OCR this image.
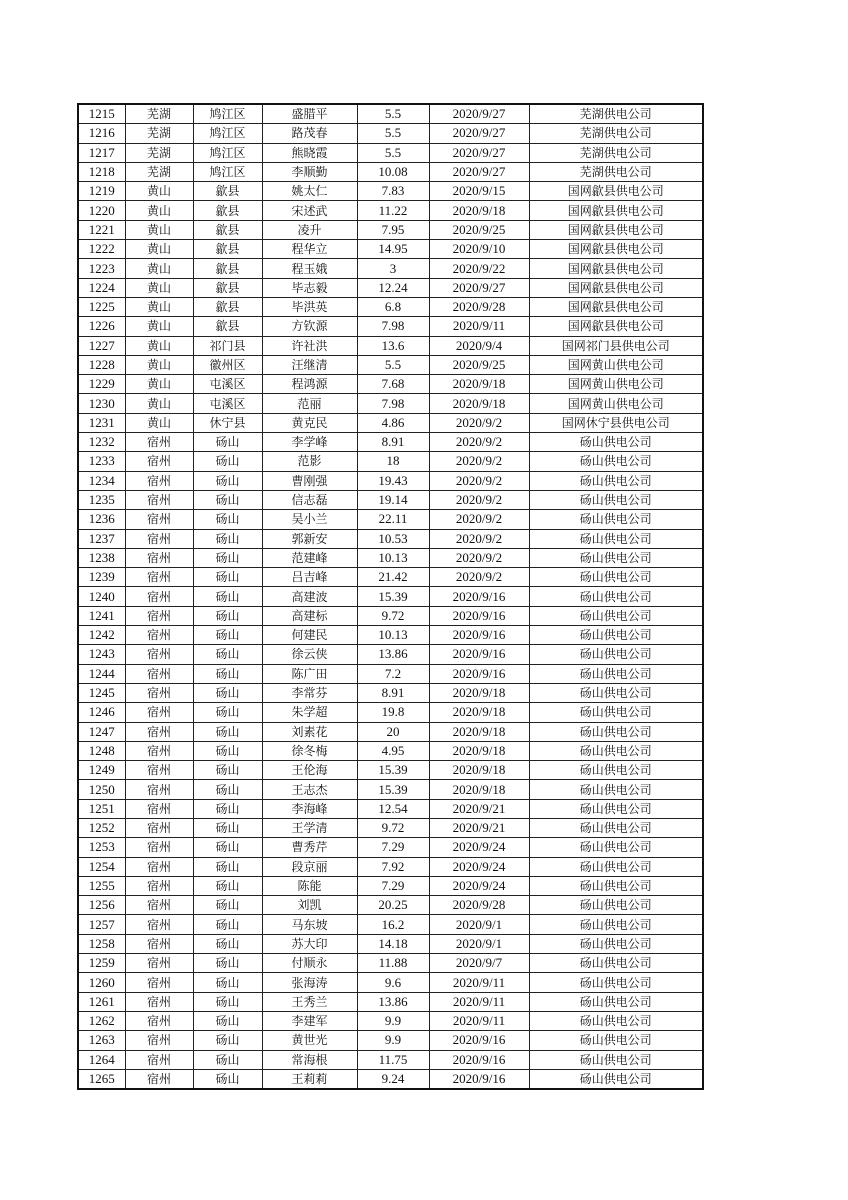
1215	芜湖	鸠江区	盛腊平	5.5	2020/9/27	芜湖供电公司
1216	芜湖	鸠江区	路茂春	5.5	2020/9/27	芜湖供电公司
1217	芜湖	鸠江区	熊晓霞	5.5	2020/9/27	芜湖供电公司
1218	芜湖	鸠江区	李顺勤	10.08	2020/9/27	芜湖供电公司
1219	黄山	歙县	姚太仁	7.83	2020/9/15	国网歙县供电公司
1220	黄山	歙县	宋述武	11.22	2020/9/18	国网歙县供电公司
1221	黄山	歙县	凌升	7.95	2020/9/25	国网歙县供电公司
1222	黄山	歙县	程华立	14.95	2020/9/10	国网歙县供电公司
1223	黄山	歙县	程玉娥	3	2020/9/22	国网歙县供电公司
1224	黄山	歙县	毕志毅	12.24	2020/9/27	国网歙县供电公司
1225	黄山	歙县	毕洪英	6.8	2020/9/28	国网歙县供电公司
1226	黄山	歙县	方钦源	7.98	2020/9/11	国网歙县供电公司
1227	黄山	祁门县	许社洪	13.6	2020/9/4	国网祁门县供电公司
1228	黄山	徽州区	汪继清	5.5	2020/9/25	国网黄山供电公司
1229	黄山	屯溪区	程鸿源	7.68	2020/9/18	国网黄山供电公司
1230	黄山	屯溪区	范丽	7.98	2020/9/18	国网黄山供电公司
1231	黄山	休宁县	黄克民	4.86	2020/9/2	国网休宁县供电公司
1232	宿州	砀山	李学峰	8.91	2020/9/2	砀山供电公司
1233	宿州	砀山	范影	18	2020/9/2	砀山供电公司
1234	宿州	砀山	曹刚强	19.43	2020/9/2	砀山供电公司
1235	宿州	砀山	信志磊	19.14	2020/9/2	砀山供电公司
1236	宿州	砀山	吴小兰	22.11	2020/9/2	砀山供电公司
1237	宿州	砀山	郭新安	10.53	2020/9/2	砀山供电公司
1238	宿州	砀山	范建峰	10.13	2020/9/2	砀山供电公司
1239	宿州	砀山	吕吉峰	21.42	2020/9/2	砀山供电公司
1240	宿州	砀山	高建波	15.39	2020/9/16	砀山供电公司
1241	宿州	砀山	高建标	9.72	2020/9/16	砀山供电公司
1242	宿州	砀山	何建民	10.13	2020/9/16	砀山供电公司
1243	宿州	砀山	徐云侠	13.86	2020/9/16	砀山供电公司
1244	宿州	砀山	陈广田	7.2	2020/9/16	砀山供电公司
1245	宿州	砀山	李常芬	8.91	2020/9/18	砀山供电公司
1246	宿州	砀山	朱学超	19.8	2020/9/18	砀山供电公司
1247	宿州	砀山	刘素花	20	2020/9/18	砀山供电公司
1248	宿州	砀山	徐冬梅	4.95	2020/9/18	砀山供电公司
1249	宿州	砀山	王伦海	15.39	2020/9/18	砀山供电公司
1250	宿州	砀山	王志杰	15.39	2020/9/18	砀山供电公司
1251	宿州	砀山	李海峰	12.54	2020/9/21	砀山供电公司
1252	宿州	砀山	王学清	9.72	2020/9/21	砀山供电公司
1253	宿州	砀山	曹秀芹	7.29	2020/9/24	砀山供电公司
1254	宿州	砀山	段京丽	7.92	2020/9/24	砀山供电公司
1255	宿州	砀山	陈能	7.29	2020/9/24	砀山供电公司
1256	宿州	砀山	刘凯	20.25	2020/9/28	砀山供电公司
1257	宿州	砀山	马东坡	16.2	2020/9/1	砀山供电公司
1258	宿州	砀山	苏大印	14.18	2020/9/1	砀山供电公司
1259	宿州	砀山	付顺永	11.88	2020/9/7	砀山供电公司
1260	宿州	砀山	张海涛	9.6	2020/9/11	砀山供电公司
1261	宿州	砀山	王秀兰	13.86	2020/9/11	砀山供电公司
1262	宿州	砀山	李建军	9.9	2020/9/11	砀山供电公司
1263	宿州	砀山	黄世光	9.9	2020/9/16	砀山供电公司
1264	宿州	砀山	常海根	11.75	2020/9/16	砀山供电公司
1265	宿州	砀山	王莉莉	9.24	2020/9/16	砀山供电公司
